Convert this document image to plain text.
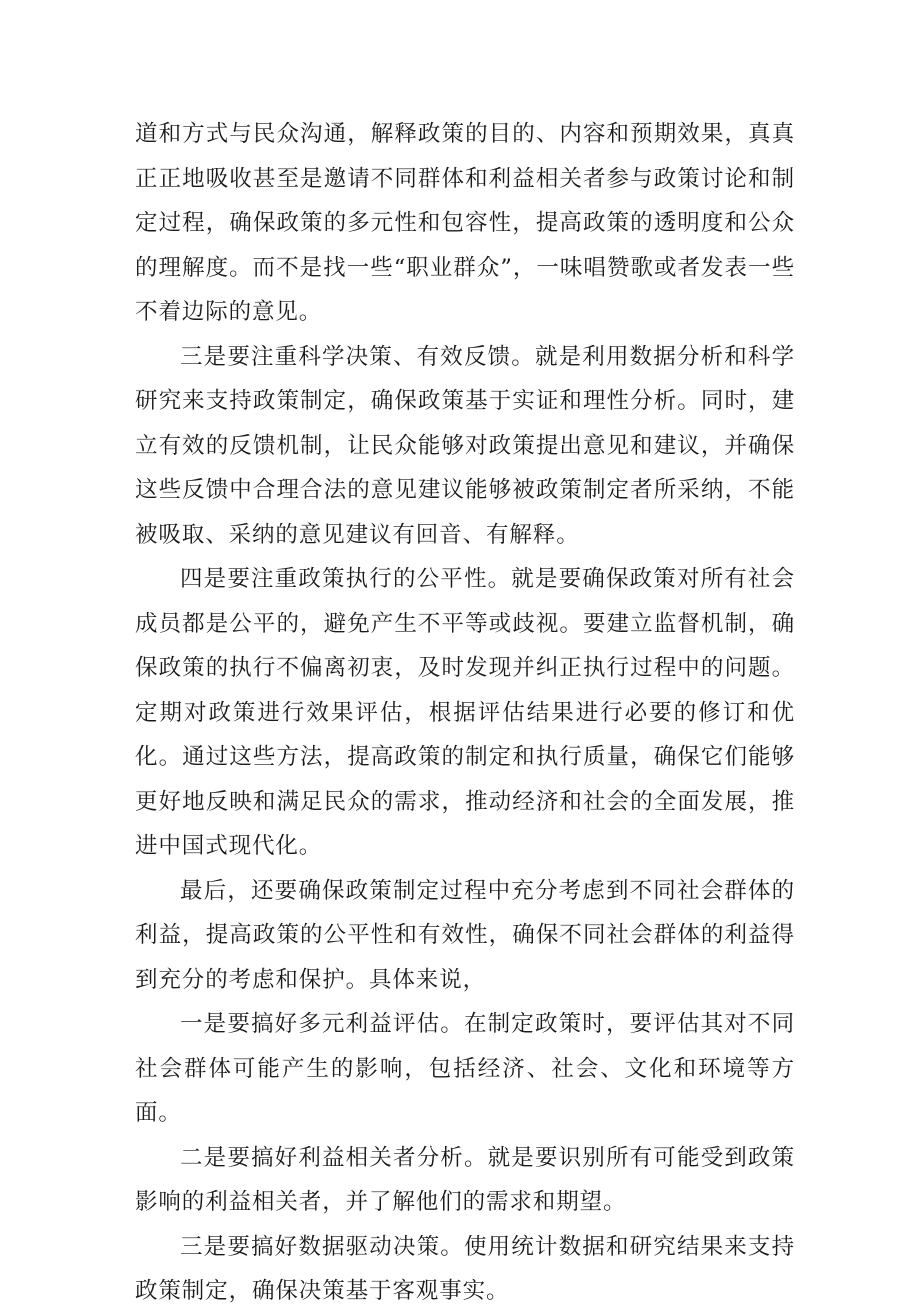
道和方式与民众沟通，解释政策的目的、内容和预期效果，真真正正地吸收甚至是邀请不同群体和利益相关者参与政策讨论和制定过程，确保政策的多元性和包容性，提高政策的透明度和公众的理解度。而不是找一些“职业群众”，一味唱赞歌或者发表一些不着边际的意见。

三是要注重科学决策、有效反馈。就是利用数据分析和科学研究来支持政策制定，确保政策基于实证和理性分析。同时，建立有效的反馈机制，让民众能够对政策提出意见和建议，并确保这些反馈中合理合法的意见建议能够被政策制定者所采纳，不能被吸取、采纳的意见建议有回音、有解释。

四是要注重政策执行的公平性。就是要确保政策对所有社会成员都是公平的，避免产生不平等或歧视。要建立监督机制，确保政策的执行不偏离初衷，及时发现并纠正执行过程中的问题。定期对政策进行效果评估，根据评估结果进行必要的修订和优化。通过这些方法，提高政策的制定和执行质量，确保它们能够更好地反映和满足民众的需求，推动经济和社会的全面发展，推进中国式现代化。

最后，还要确保政策制定过程中充分考虑到不同社会群体的利益，提高政策的公平性和有效性，确保不同社会群体的利益得到充分的考虑和保护。具体来说，

一是要搞好多元利益评估。在制定政策时，要评估其对不同社会群体可能产生的影响，包括经济、社会、文化和环境等方面。

二是要搞好利益相关者分析。就是要识别所有可能受到政策影响的利益相关者，并了解他们的需求和期望。

三是要搞好数据驱动决策。使用统计数据和研究结果来支持政策制定，确保决策基于客观事实。
